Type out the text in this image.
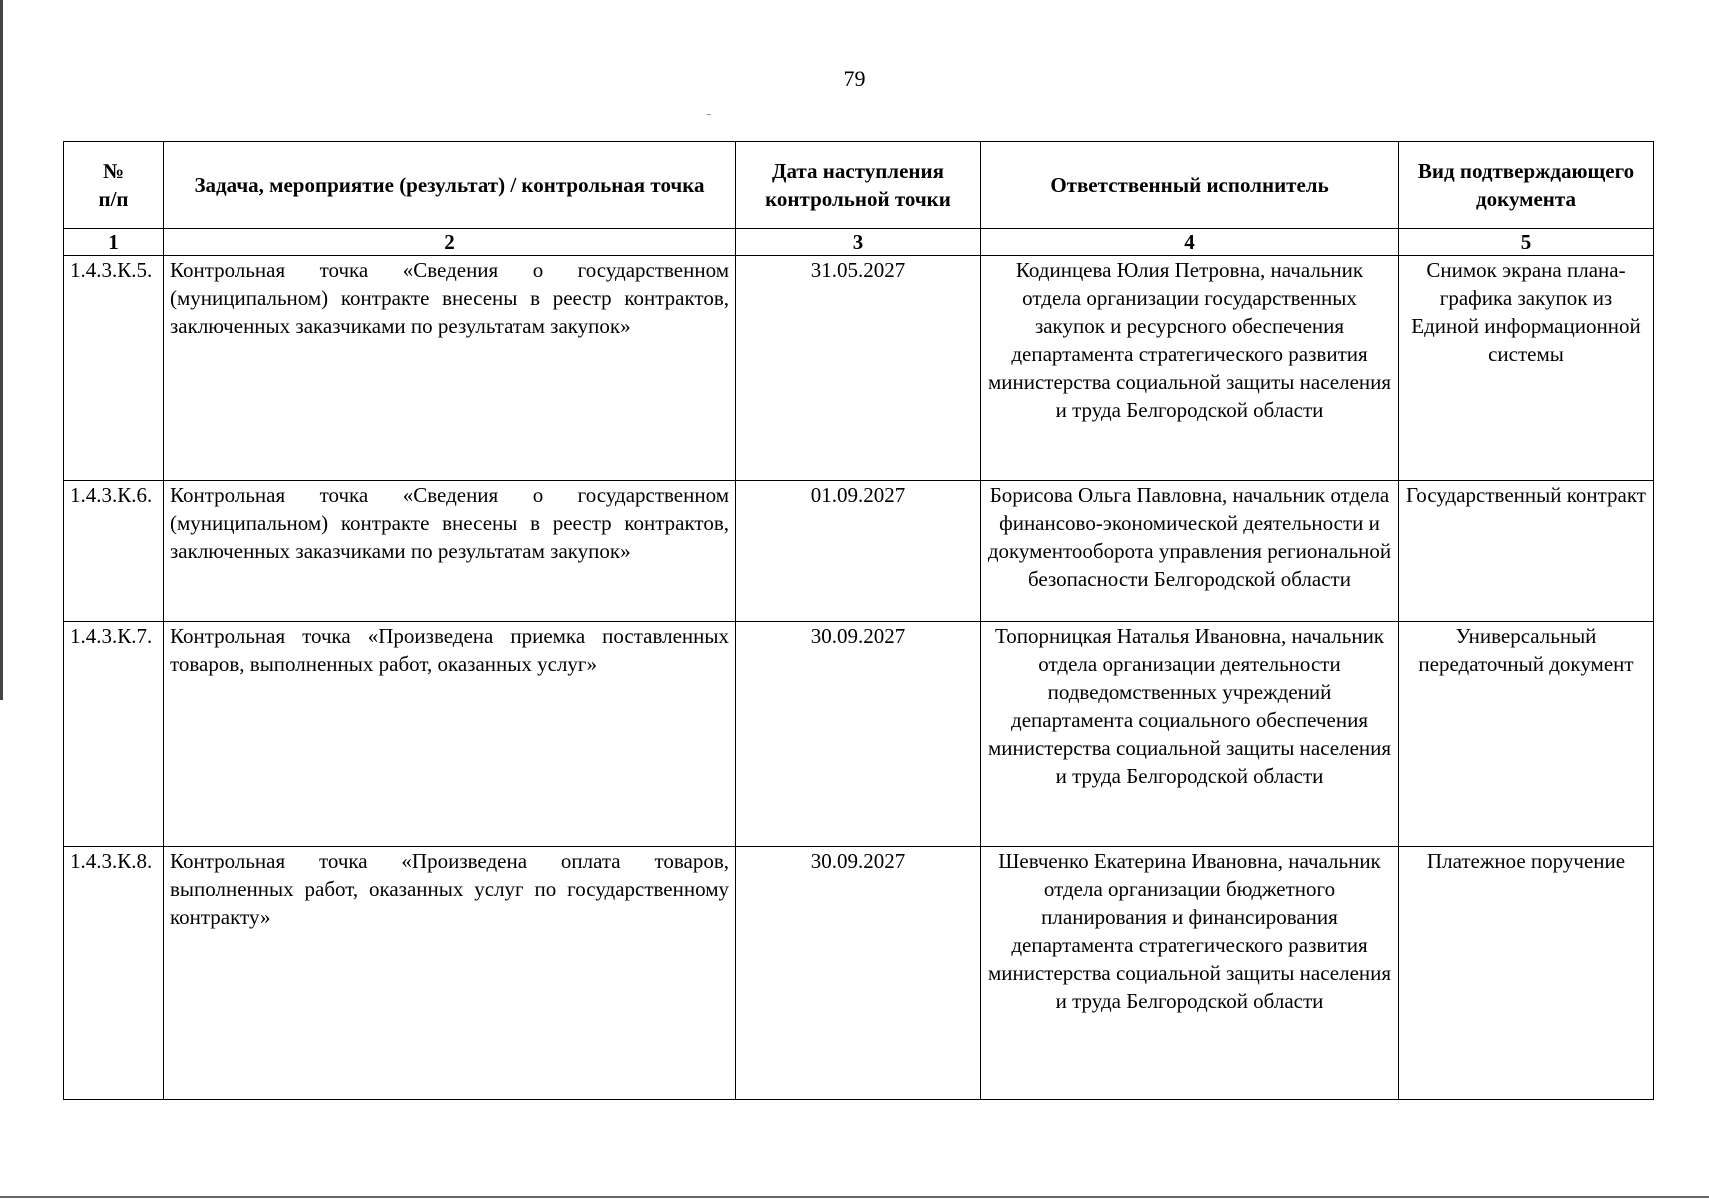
79
№
п/п	Задача, мероприятие (результат) / контрольная точка	Дата наступления контрольной точки	Ответственный исполнитель	Вид подтверждающего документа
1	2	3	4	5
1.4.3.К.5.	Контрольная точка «Сведения о государственном (муниципальном) контракте внесены в реестр контрактов, заключенных заказчиками по результатам закупок»	31.05.2027	Кодинцева Юлия Петровна, начальник отдела организации государственных закупок и ресурсного обеспечения департамента стратегического развития министерства социальной защиты населения и труда Белгородской области	Снимок экрана плана-графика закупок из Единой информационной системы
1.4.3.К.6.	Контрольная точка «Сведения о государственном (муниципальном) контракте внесены в реестр контрактов, заключенных заказчиками по результатам закупок»	01.09.2027	Борисова Ольга Павловна, начальник отдела финансово-экономической деятельности и документооборота управления региональной безопасности Белгородской области	Государственный контракт
1.4.3.К.7.	Контрольная точка «Произведена приемка поставленных товаров, выполненных работ, оказанных услуг»	30.09.2027	Топорницкая Наталья Ивановна, начальник отдела организации деятельности подведомственных учреждений департамента социального обеспечения министерства социальной защиты населения и труда Белгородской области	Универсальный передаточный документ
1.4.3.К.8.	Контрольная точка «Произведена оплата товаров, выполненных работ, оказанных услуг по государственному контракту»	30.09.2027	Шевченко Екатерина Ивановна, начальник отдела организации бюджетного планирования и финансирования департамента стратегического развития министерства социальной защиты населения и труда Белгородской области	Платежное поручение
